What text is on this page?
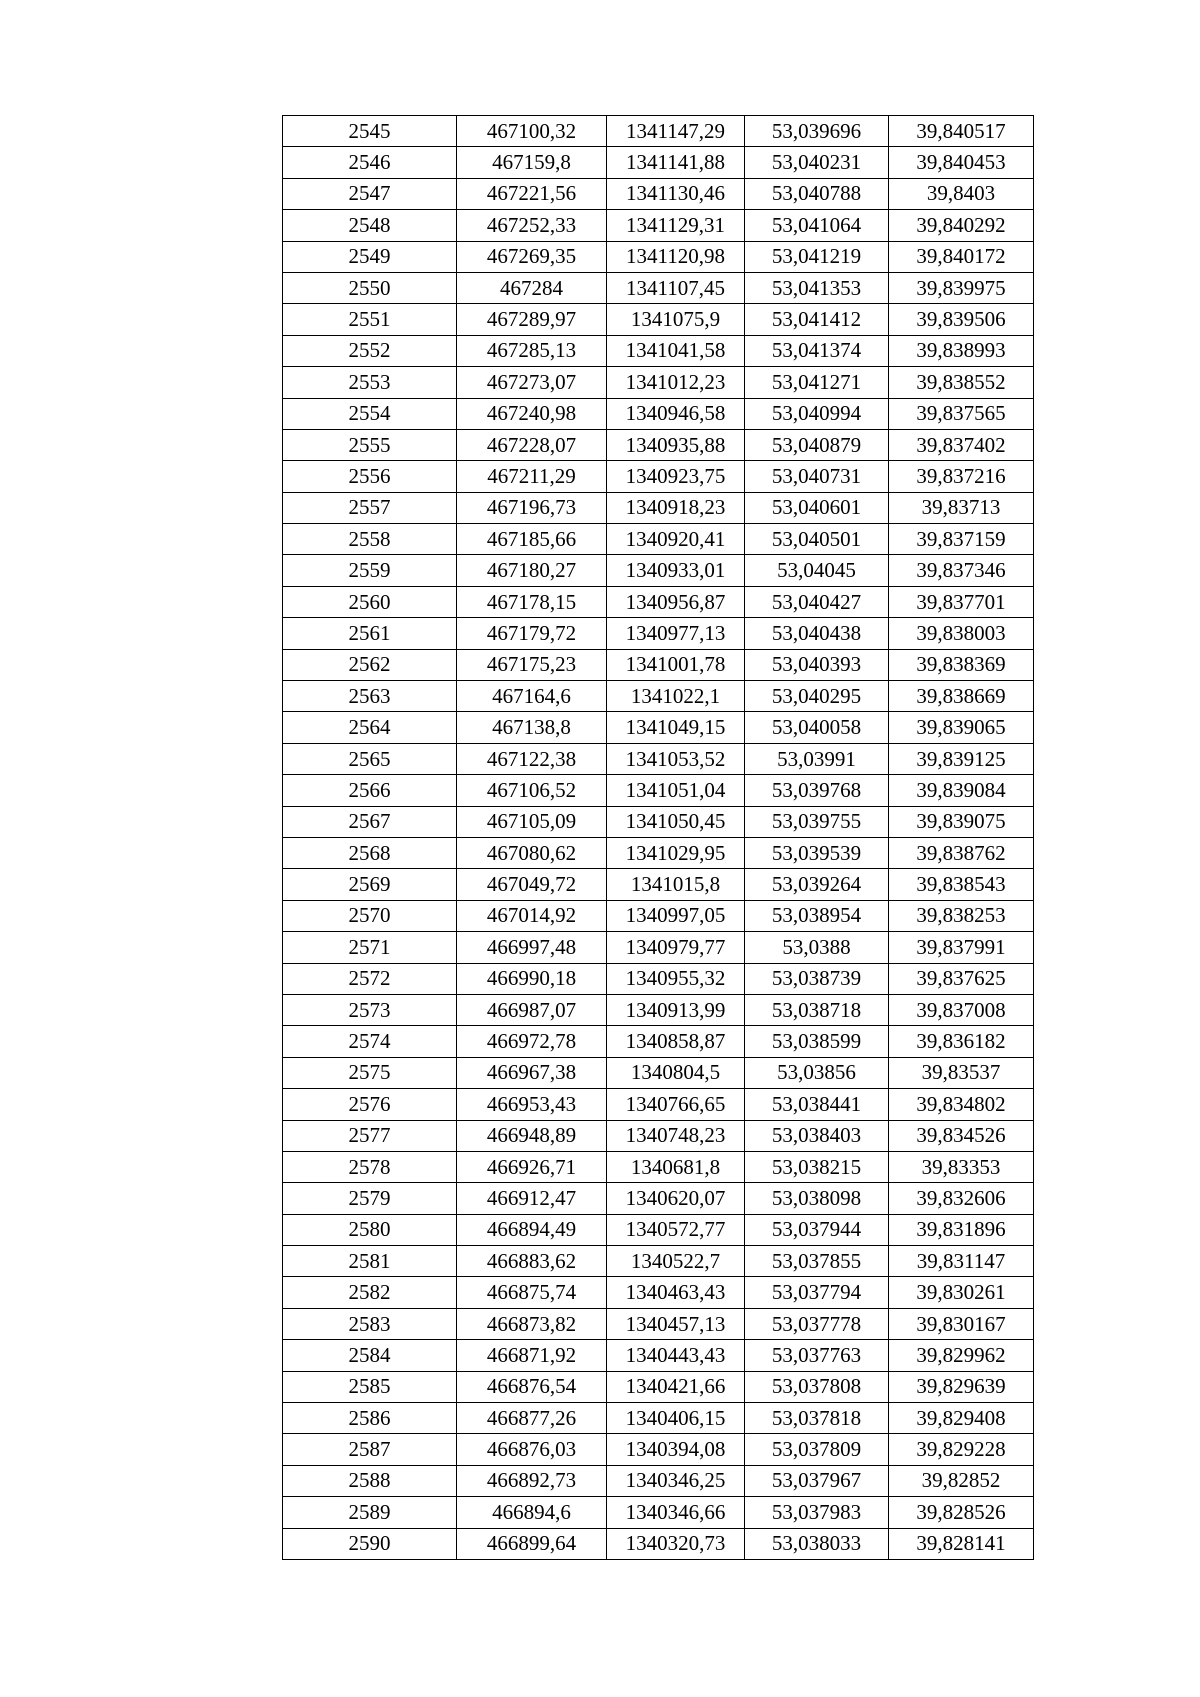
2545	467100,32	1341147,29	53,039696	39,840517
2546	467159,8	1341141,88	53,040231	39,840453
2547	467221,56	1341130,46	53,040788	39,8403
2548	467252,33	1341129,31	53,041064	39,840292
2549	467269,35	1341120,98	53,041219	39,840172
2550	467284	1341107,45	53,041353	39,839975
2551	467289,97	1341075,9	53,041412	39,839506
2552	467285,13	1341041,58	53,041374	39,838993
2553	467273,07	1341012,23	53,041271	39,838552
2554	467240,98	1340946,58	53,040994	39,837565
2555	467228,07	1340935,88	53,040879	39,837402
2556	467211,29	1340923,75	53,040731	39,837216
2557	467196,73	1340918,23	53,040601	39,83713
2558	467185,66	1340920,41	53,040501	39,837159
2559	467180,27	1340933,01	53,04045	39,837346
2560	467178,15	1340956,87	53,040427	39,837701
2561	467179,72	1340977,13	53,040438	39,838003
2562	467175,23	1341001,78	53,040393	39,838369
2563	467164,6	1341022,1	53,040295	39,838669
2564	467138,8	1341049,15	53,040058	39,839065
2565	467122,38	1341053,52	53,03991	39,839125
2566	467106,52	1341051,04	53,039768	39,839084
2567	467105,09	1341050,45	53,039755	39,839075
2568	467080,62	1341029,95	53,039539	39,838762
2569	467049,72	1341015,8	53,039264	39,838543
2570	467014,92	1340997,05	53,038954	39,838253
2571	466997,48	1340979,77	53,0388	39,837991
2572	466990,18	1340955,32	53,038739	39,837625
2573	466987,07	1340913,99	53,038718	39,837008
2574	466972,78	1340858,87	53,038599	39,836182
2575	466967,38	1340804,5	53,03856	39,83537
2576	466953,43	1340766,65	53,038441	39,834802
2577	466948,89	1340748,23	53,038403	39,834526
2578	466926,71	1340681,8	53,038215	39,83353
2579	466912,47	1340620,07	53,038098	39,832606
2580	466894,49	1340572,77	53,037944	39,831896
2581	466883,62	1340522,7	53,037855	39,831147
2582	466875,74	1340463,43	53,037794	39,830261
2583	466873,82	1340457,13	53,037778	39,830167
2584	466871,92	1340443,43	53,037763	39,829962
2585	466876,54	1340421,66	53,037808	39,829639
2586	466877,26	1340406,15	53,037818	39,829408
2587	466876,03	1340394,08	53,037809	39,829228
2588	466892,73	1340346,25	53,037967	39,82852
2589	466894,6	1340346,66	53,037983	39,828526
2590	466899,64	1340320,73	53,038033	39,828141
